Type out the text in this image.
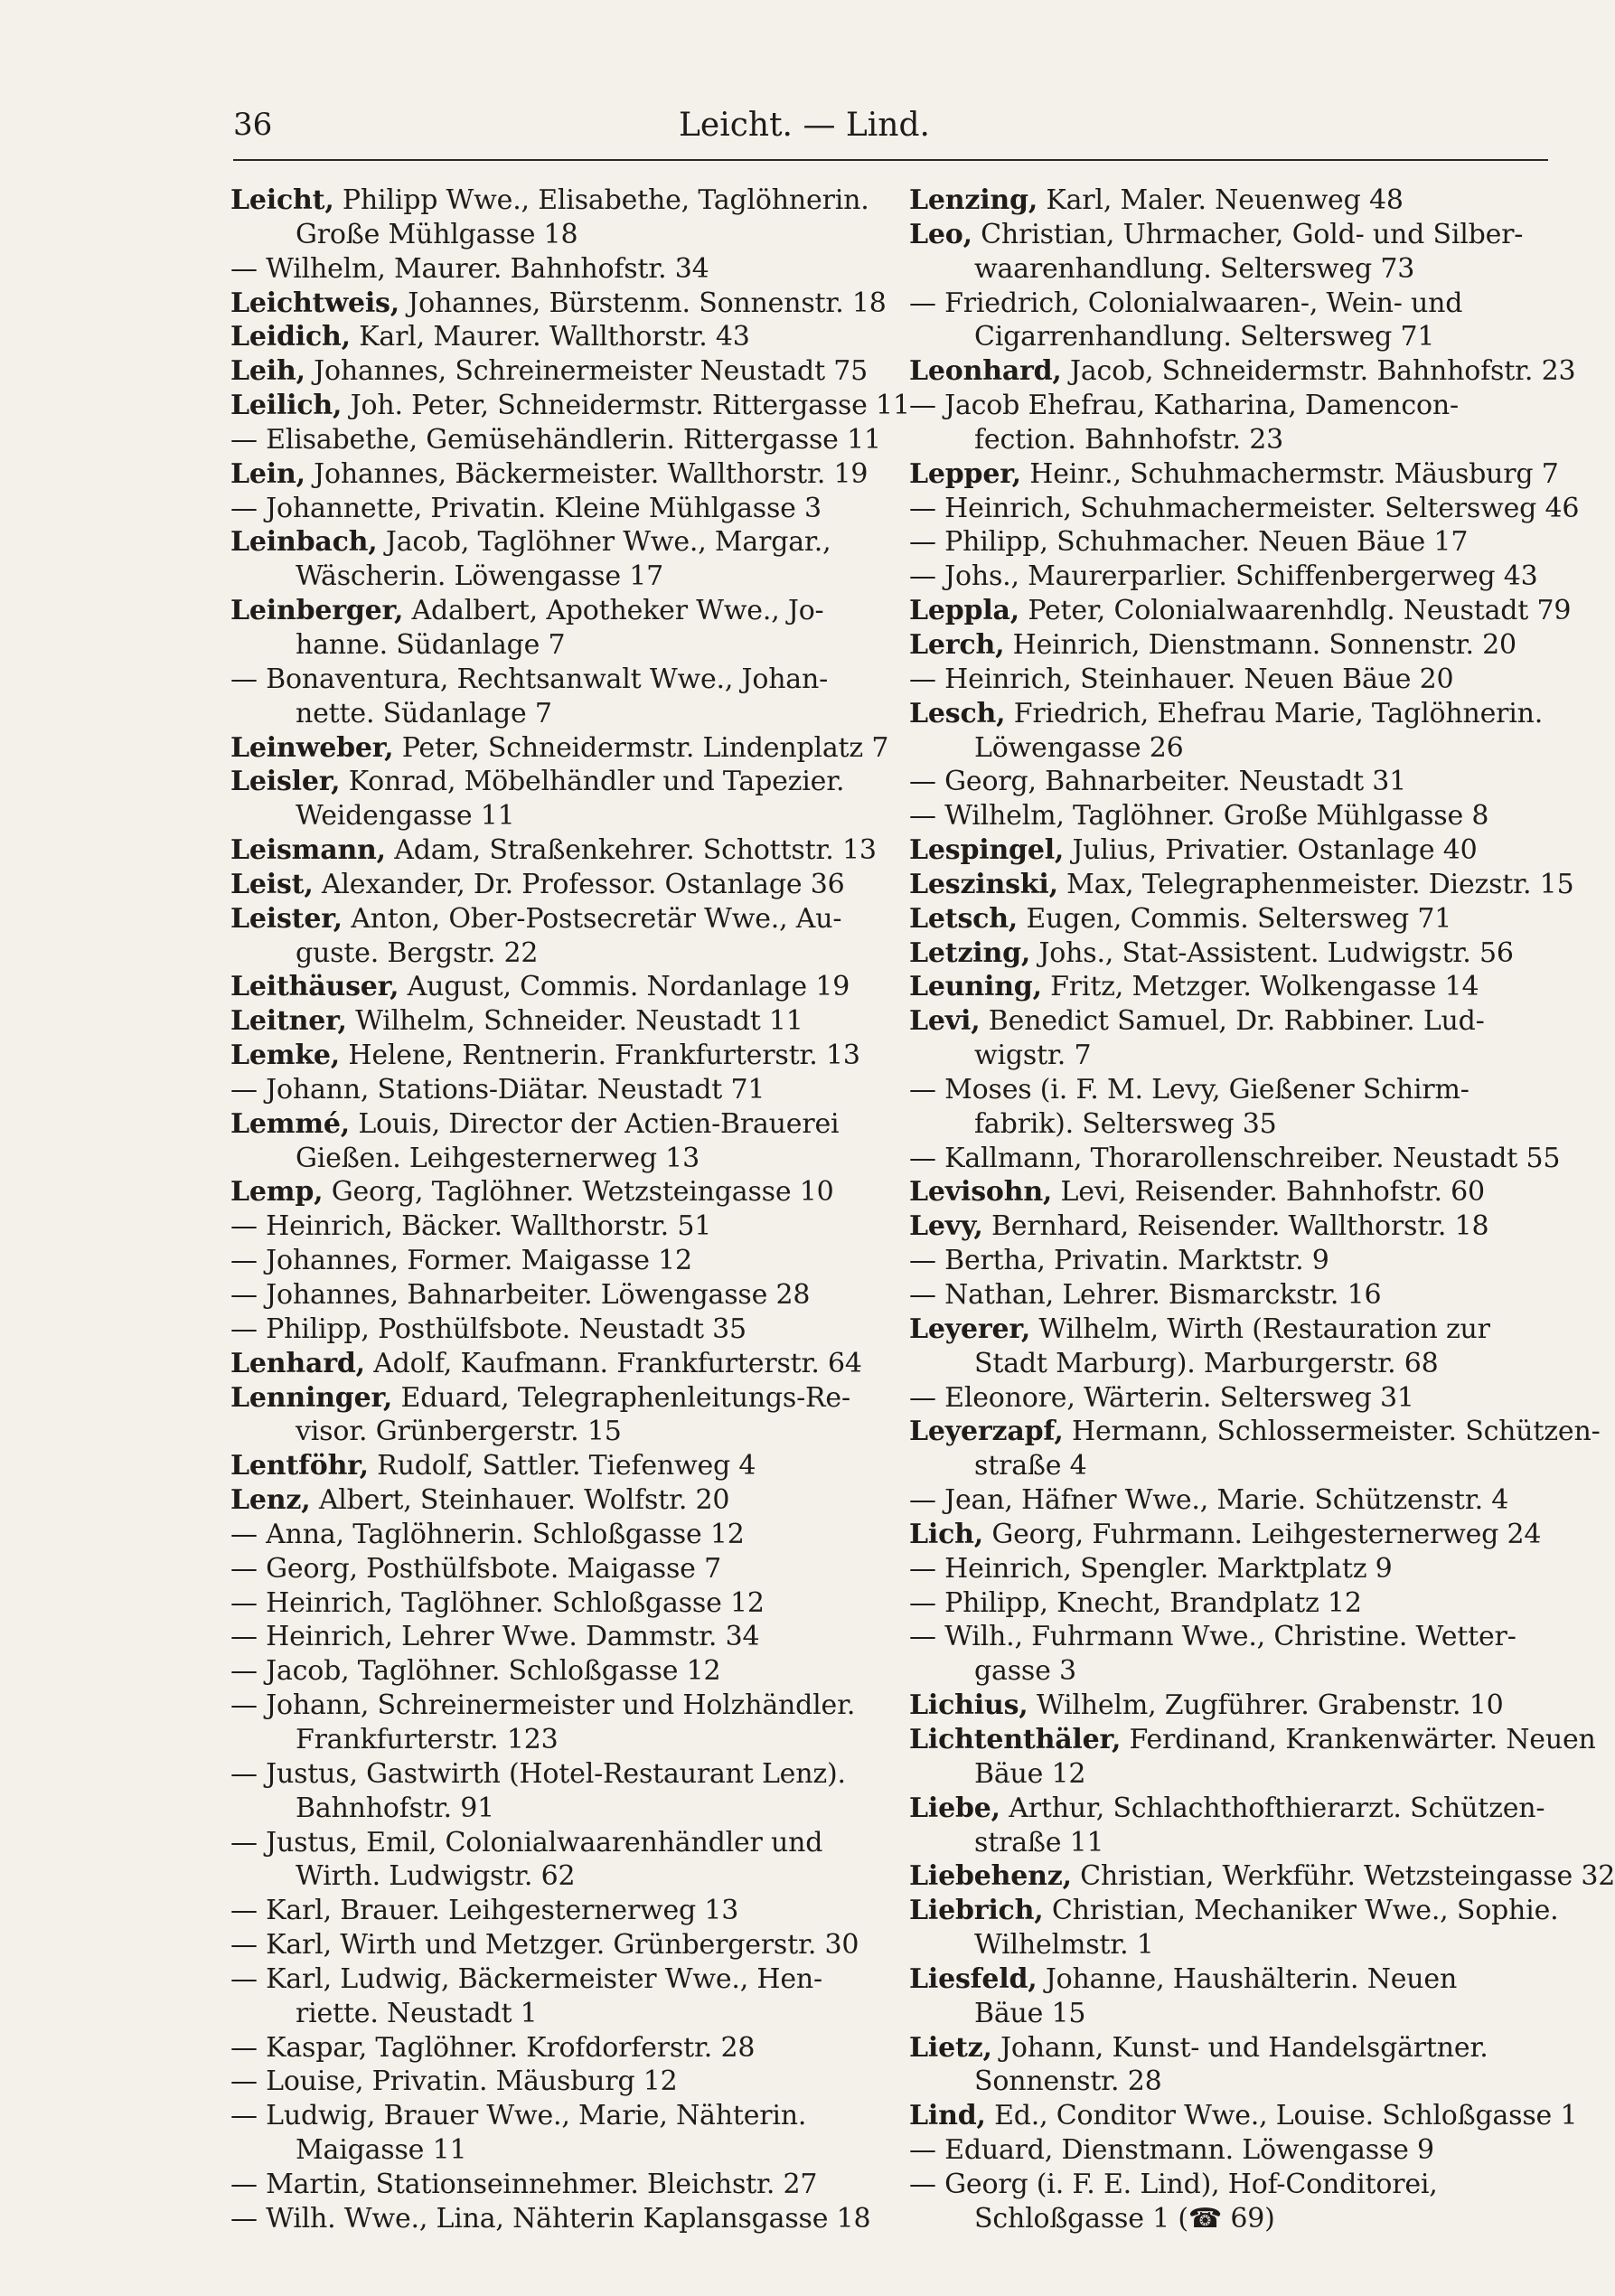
36	Leicht. — Lind.
Leicht, Philipp Wwe., Elisabethe, Taglöhnerin.
Große Mühlgasse 18
— Wilhelm, Maurer. Bahnhofstr. 34
Leichtweis, Johannes, Bürstenm. Sonnenstr. 18
Leidich, Karl, Maurer. Wallthorstr. 43
Leih, Johannes, Schreinermeister Neustadt 75
Leilich, Joh. Peter, Schneidermstr. Rittergasse 11
— Elisabethe, Gemüsehändlerin. Rittergasse 11
Lein, Johannes, Bäckermeister. Wallthorstr. 19
— Johannette, Privatin. Kleine Mühlgasse 3
Leinbach, Jacob, Taglöhner Wwe., Margar.,
Wäscherin. Löwengasse 17
Leinberger, Adalbert, Apotheker Wwe., Jo-
hanne. Südanlage 7
— Bonaventura, Rechtsanwalt Wwe., Johan-
nette. Südanlage 7
Leinweber, Peter, Schneidermstr. Lindenplatz 7
Leisler, Konrad, Möbelhändler und Tapezier.
Weidengasse 11
Leismann, Adam, Straßenkehrer. Schottstr. 13
Leist, Alexander, Dr. Professor. Ostanlage 36
Leister, Anton, Ober-Postsecretär Wwe., Au-
guste. Bergstr. 22
Leithäuser, August, Commis. Nordanlage 19
Leitner, Wilhelm, Schneider. Neustadt 11
Lemke, Helene, Rentnerin. Frankfurterstr. 13
— Johann, Stations-Diätar. Neustadt 71
Lemmé, Louis, Director der Actien-Brauerei
Gießen. Leihgesternerweg 13
Lemp, Georg, Taglöhner. Wetzsteingasse 10
— Heinrich, Bäcker. Wallthorstr. 51
— Johannes, Former. Maigasse 12
— Johannes, Bahnarbeiter. Löwengasse 28
— Philipp, Posthülfsbote. Neustadt 35
Lenhard, Adolf, Kaufmann. Frankfurterstr. 64
Lenninger, Eduard, Telegraphenleitungs-Re-
visor. Grünbergerstr. 15
Lentföhr, Rudolf, Sattler. Tiefenweg 4
Lenz, Albert, Steinhauer. Wolfstr. 20
— Anna, Taglöhnerin. Schloßgasse 12
— Georg, Posthülfsbote. Maigasse 7
— Heinrich, Taglöhner. Schloßgasse 12
— Heinrich, Lehrer Wwe. Dammstr. 34
— Jacob, Taglöhner. Schloßgasse 12
— Johann, Schreinermeister und Holzhändler.
Frankfurterstr. 123
— Justus, Gastwirth (Hotel-Restaurant Lenz).
Bahnhofstr. 91
— Justus, Emil, Colonialwaarenhändler und
Wirth. Ludwigstr. 62
— Karl, Brauer. Leihgesternerweg 13
— Karl, Wirth und Metzger. Grünbergerstr. 30
— Karl, Ludwig, Bäckermeister Wwe., Hen-
riette. Neustadt 1
— Kaspar, Taglöhner. Krofdorferstr. 28
— Louise, Privatin. Mäusburg 12
— Ludwig, Brauer Wwe., Marie, Nähterin.
Maigasse 11
— Martin, Stationseinnehmer. Bleichstr. 27
— Wilh. Wwe., Lina, Nähterin Kaplansgasse 18
Lenzing, Karl, Maler. Neuenweg 48
Leo, Christian, Uhrmacher, Gold- und Silber-
waarenhandlung. Seltersweg 73
— Friedrich, Colonialwaaren-, Wein- und
Cigarrenhandlung. Seltersweg 71
Leonhard, Jacob, Schneidermstr. Bahnhofstr. 23
— Jacob Ehefrau, Katharina, Damencon-
fection. Bahnhofstr. 23
Lepper, Heinr., Schuhmachermstr. Mäusburg 7
— Heinrich, Schuhmachermeister. Seltersweg 46
— Philipp, Schuhmacher. Neuen Bäue 17
— Johs., Maurerparlier. Schiffenbergerweg 43
Leppla, Peter, Colonialwaarenhdlg. Neustadt 79
Lerch, Heinrich, Dienstmann. Sonnenstr. 20
— Heinrich, Steinhauer. Neuen Bäue 20
Lesch, Friedrich, Ehefrau Marie, Taglöhnerin.
Löwengasse 26
— Georg, Bahnarbeiter. Neustadt 31
— Wilhelm, Taglöhner. Große Mühlgasse 8
Lespingel, Julius, Privatier. Ostanlage 40
Leszinski, Max, Telegraphenmeister. Diezstr. 15
Letsch, Eugen, Commis. Seltersweg 71
Letzing, Johs., Stat-Assistent. Ludwigstr. 56
Leuning, Fritz, Metzger. Wolkengasse 14
Levi, Benedict Samuel, Dr. Rabbiner. Lud-
wigstr. 7
— Moses (i. F. M. Levy, Gießener Schirm-
fabrik). Seltersweg 35
— Kallmann, Thorarollenschreiber. Neustadt 55
Levisohn, Levi, Reisender. Bahnhofstr. 60
Levy, Bernhard, Reisender. Wallthorstr. 18
— Bertha, Privatin. Marktstr. 9
— Nathan, Lehrer. Bismarckstr. 16
Leyerer, Wilhelm, Wirth (Restauration zur
Stadt Marburg). Marburgerstr. 68
— Eleonore, Wärterin. Seltersweg 31
Leyerzapf, Hermann, Schlossermeister. Schützen-
straße 4
— Jean, Häfner Wwe., Marie. Schützenstr. 4
Lich, Georg, Fuhrmann. Leihgesternerweg 24
— Heinrich, Spengler. Marktplatz 9
— Philipp, Knecht, Brandplatz 12
— Wilh., Fuhrmann Wwe., Christine. Wetter-
gasse 3
Lichius, Wilhelm, Zugführer. Grabenstr. 10
Lichtenthäler, Ferdinand, Krankenwärter. Neuen
Bäue 12
Liebe, Arthur, Schlachthofthierarzt. Schützen-
straße 11
Liebehenz, Christian, Werkführ. Wetzsteingasse 32
Liebrich, Christian, Mechaniker Wwe., Sophie.
Wilhelmstr. 1
Liesfeld, Johanne, Haushälterin. Neuen
Bäue 15
Lietz, Johann, Kunst- und Handelsgärtner.
Sonnenstr. 28
Lind, Ed., Conditor Wwe., Louise. Schloßgasse 1
— Eduard, Dienstmann. Löwengasse 9
— Georg (i. F. E. Lind), Hof-Conditorei,
Schloßgasse 1 (☎ 69)
